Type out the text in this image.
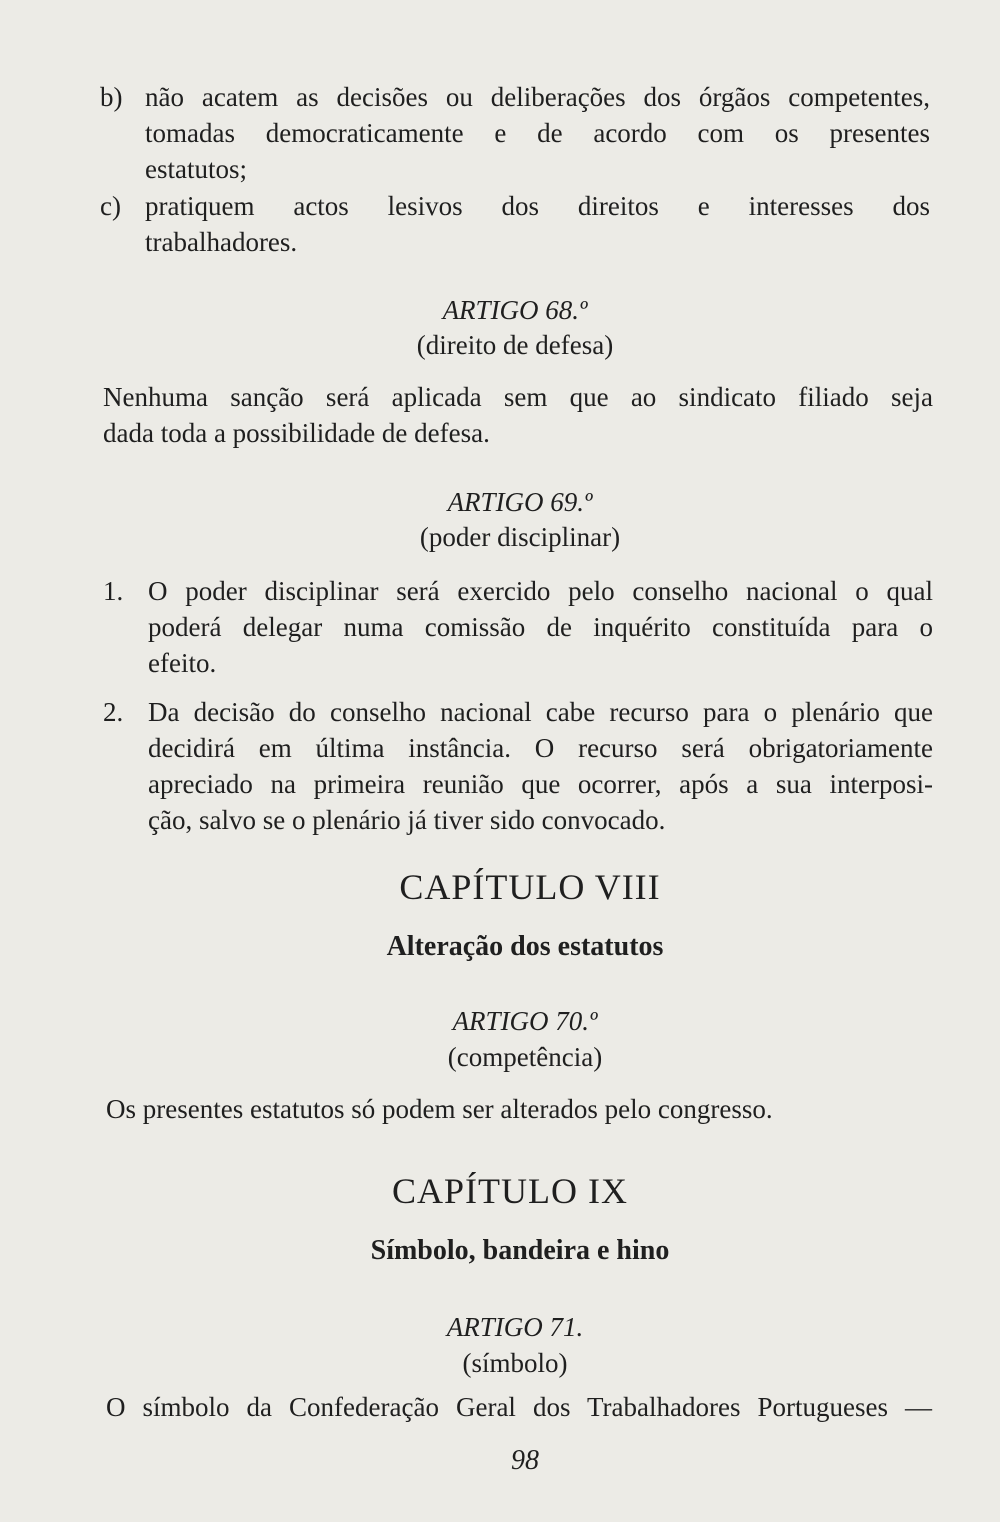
b) não acatem as decisões ou deliberações dos órgãos competentes,
tomadas democraticamente e de acordo com os presentes
estatutos;
c) pratiquem actos lesivos dos direitos e interesses dos
trabalhadores.
ARTIGO 68.º
(direito de defesa)
Nenhuma sanção será aplicada sem que ao sindicato filiado seja
dada toda a possibilidade de defesa.
ARTIGO 69.º
(poder disciplinar)
1. O poder disciplinar será exercido pelo conselho nacional o qual
poderá delegar numa comissão de inquérito constituída para o
efeito.
2. Da decisão do conselho nacional cabe recurso para o plenário que
decidirá em última instância. O recurso será obrigatoriamente
apreciado na primeira reunião que ocorrer, após a sua interposi-
ção, salvo se o plenário já tiver sido convocado.
CAPÍTULO VIII
Alteração dos estatutos
ARTIGO 70.º
(competência)
Os presentes estatutos só podem ser alterados pelo congresso.
CAPÍTULO IX
Símbolo, bandeira e hino
ARTIGO 71.
(símbolo)
O símbolo da Confederação Geral dos Trabalhadores Portugueses —
98
